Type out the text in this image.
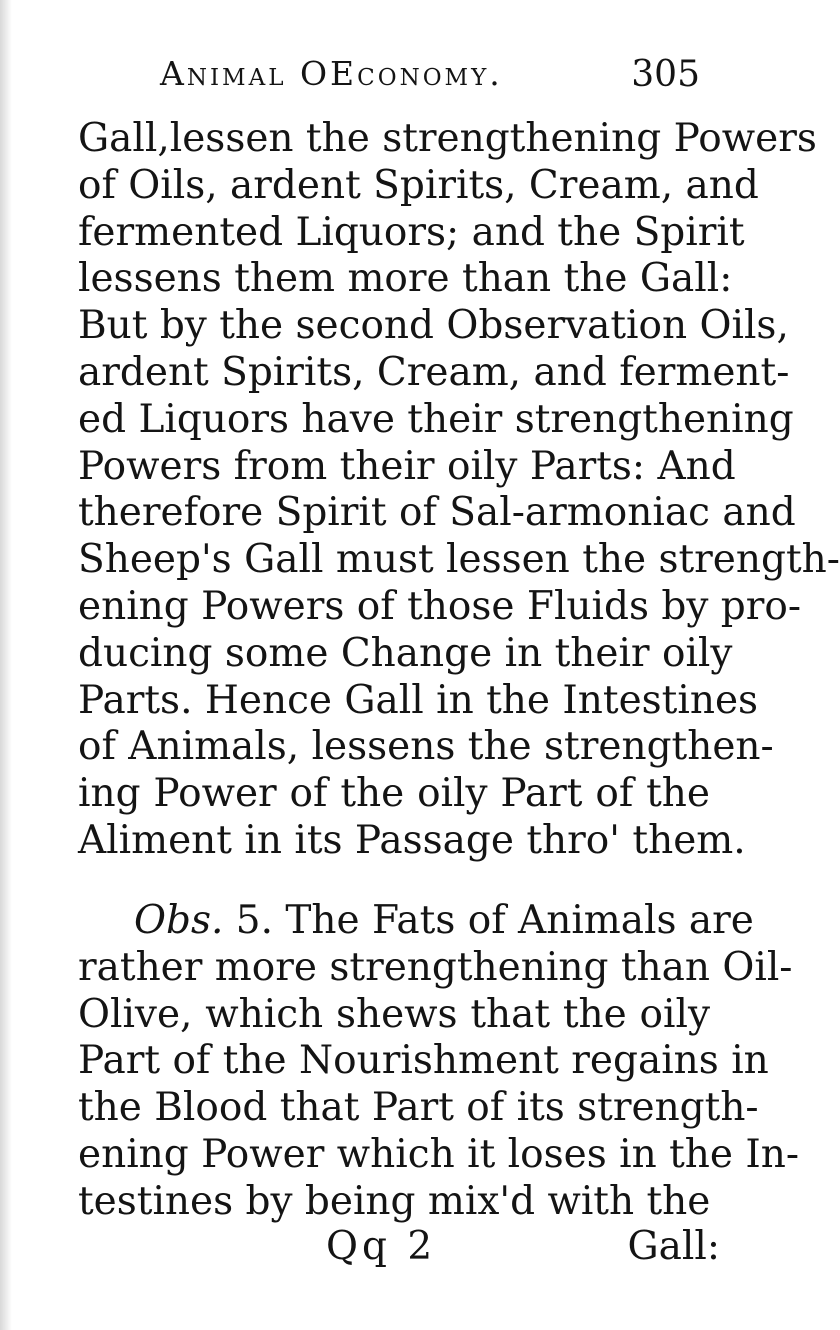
Animal OEconomy.	305
Gall,lessen the strengthening Powers
of Oils, ardent Spirits, Cream, and
fermented Liquors; and the Spirit
lessens them more than the Gall:
But by the second Observation Oils,
ardent Spirits, Cream, and ferment-
ed Liquors have their strengthening
Powers from their oily Parts: And
therefore Spirit of Sal-armoniac and
Sheep's Gall must lessen the strength-
ening Powers of those Fluids by pro-
ducing some Change in their oily
Parts. Hence Gall in the Intestines
of Animals, lessens the strengthen-
ing Power of the oily Part of the
Aliment in its Passage thro' them.
Obs. 5. The Fats of Animals are
rather more strengthening than Oil-
Olive, which shews that the oily
Part of the Nourishment regains in
the Blood that Part of its strength-
ening Power which it loses in the In-
testines by being mix'd with the
Qq 2	Gall:
